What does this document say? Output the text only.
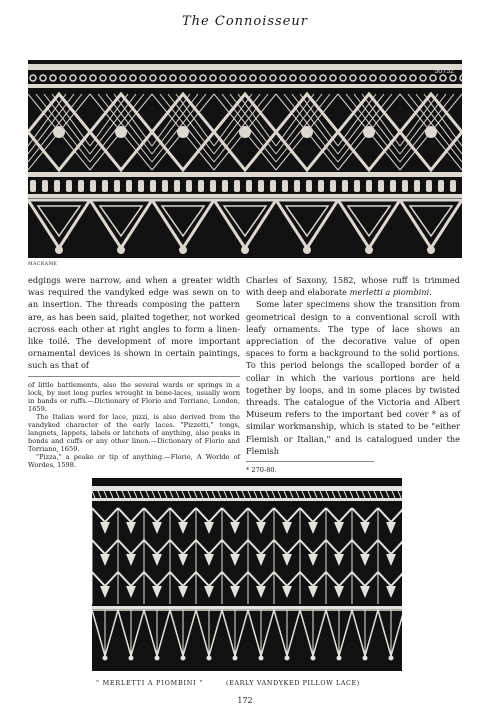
The Connoisseur
50752
MACRAME

edgings were narrow, and when a greater width was required the vandyked edge was sewn on to an insertion. The threads composing the pattern are, as has been said, plaited together, not worked across each other at right angles to form a linen-like toilé. The development of more important ornamental devices is shown in certain paintings, such as that of

of little battlements, also the several wards or springs in a lock, by met long purles wrought in bone-laces, usually worn in bands or ruffs.—Dictionary of Florio and Torriano, London, 1659.

The Italian word for lace, pizzi, is also derived from the vandyked character of the early laces. "Pizzetti," tongs, langnets, lappets, labels or latchets of anything, also peaks in bonds and cuffs or any other linen.—Dictionary of Florio and Torriano, 1659.

"Pizza," a peake or tip of anything.—Florio, A Worlde of Wordes, 1598.

Charles of Saxony, 1582, whose ruff is trimmed with deep and elaborate merletti a piombini.

Some later specimens show the transition from geometrical design to a conventional scroll with leafy ornaments. The type of lace shows an appreciation of the decorative value of open spaces to form a background to the solid portions. To this period belongs the scalloped border of a collar in which the various portions are held together by loops, and in some places by twisted threads. The catalogue of the Victoria and Albert Museum refers to the important bed cover * as of similar workmanship, which is stated to be "either Flemish or Italian," and is catalogued under the Flemish

* 270-80.

" MERLETTI A PIOMBINI "	(EARLY VANDYKED PILLOW LACE)
172
